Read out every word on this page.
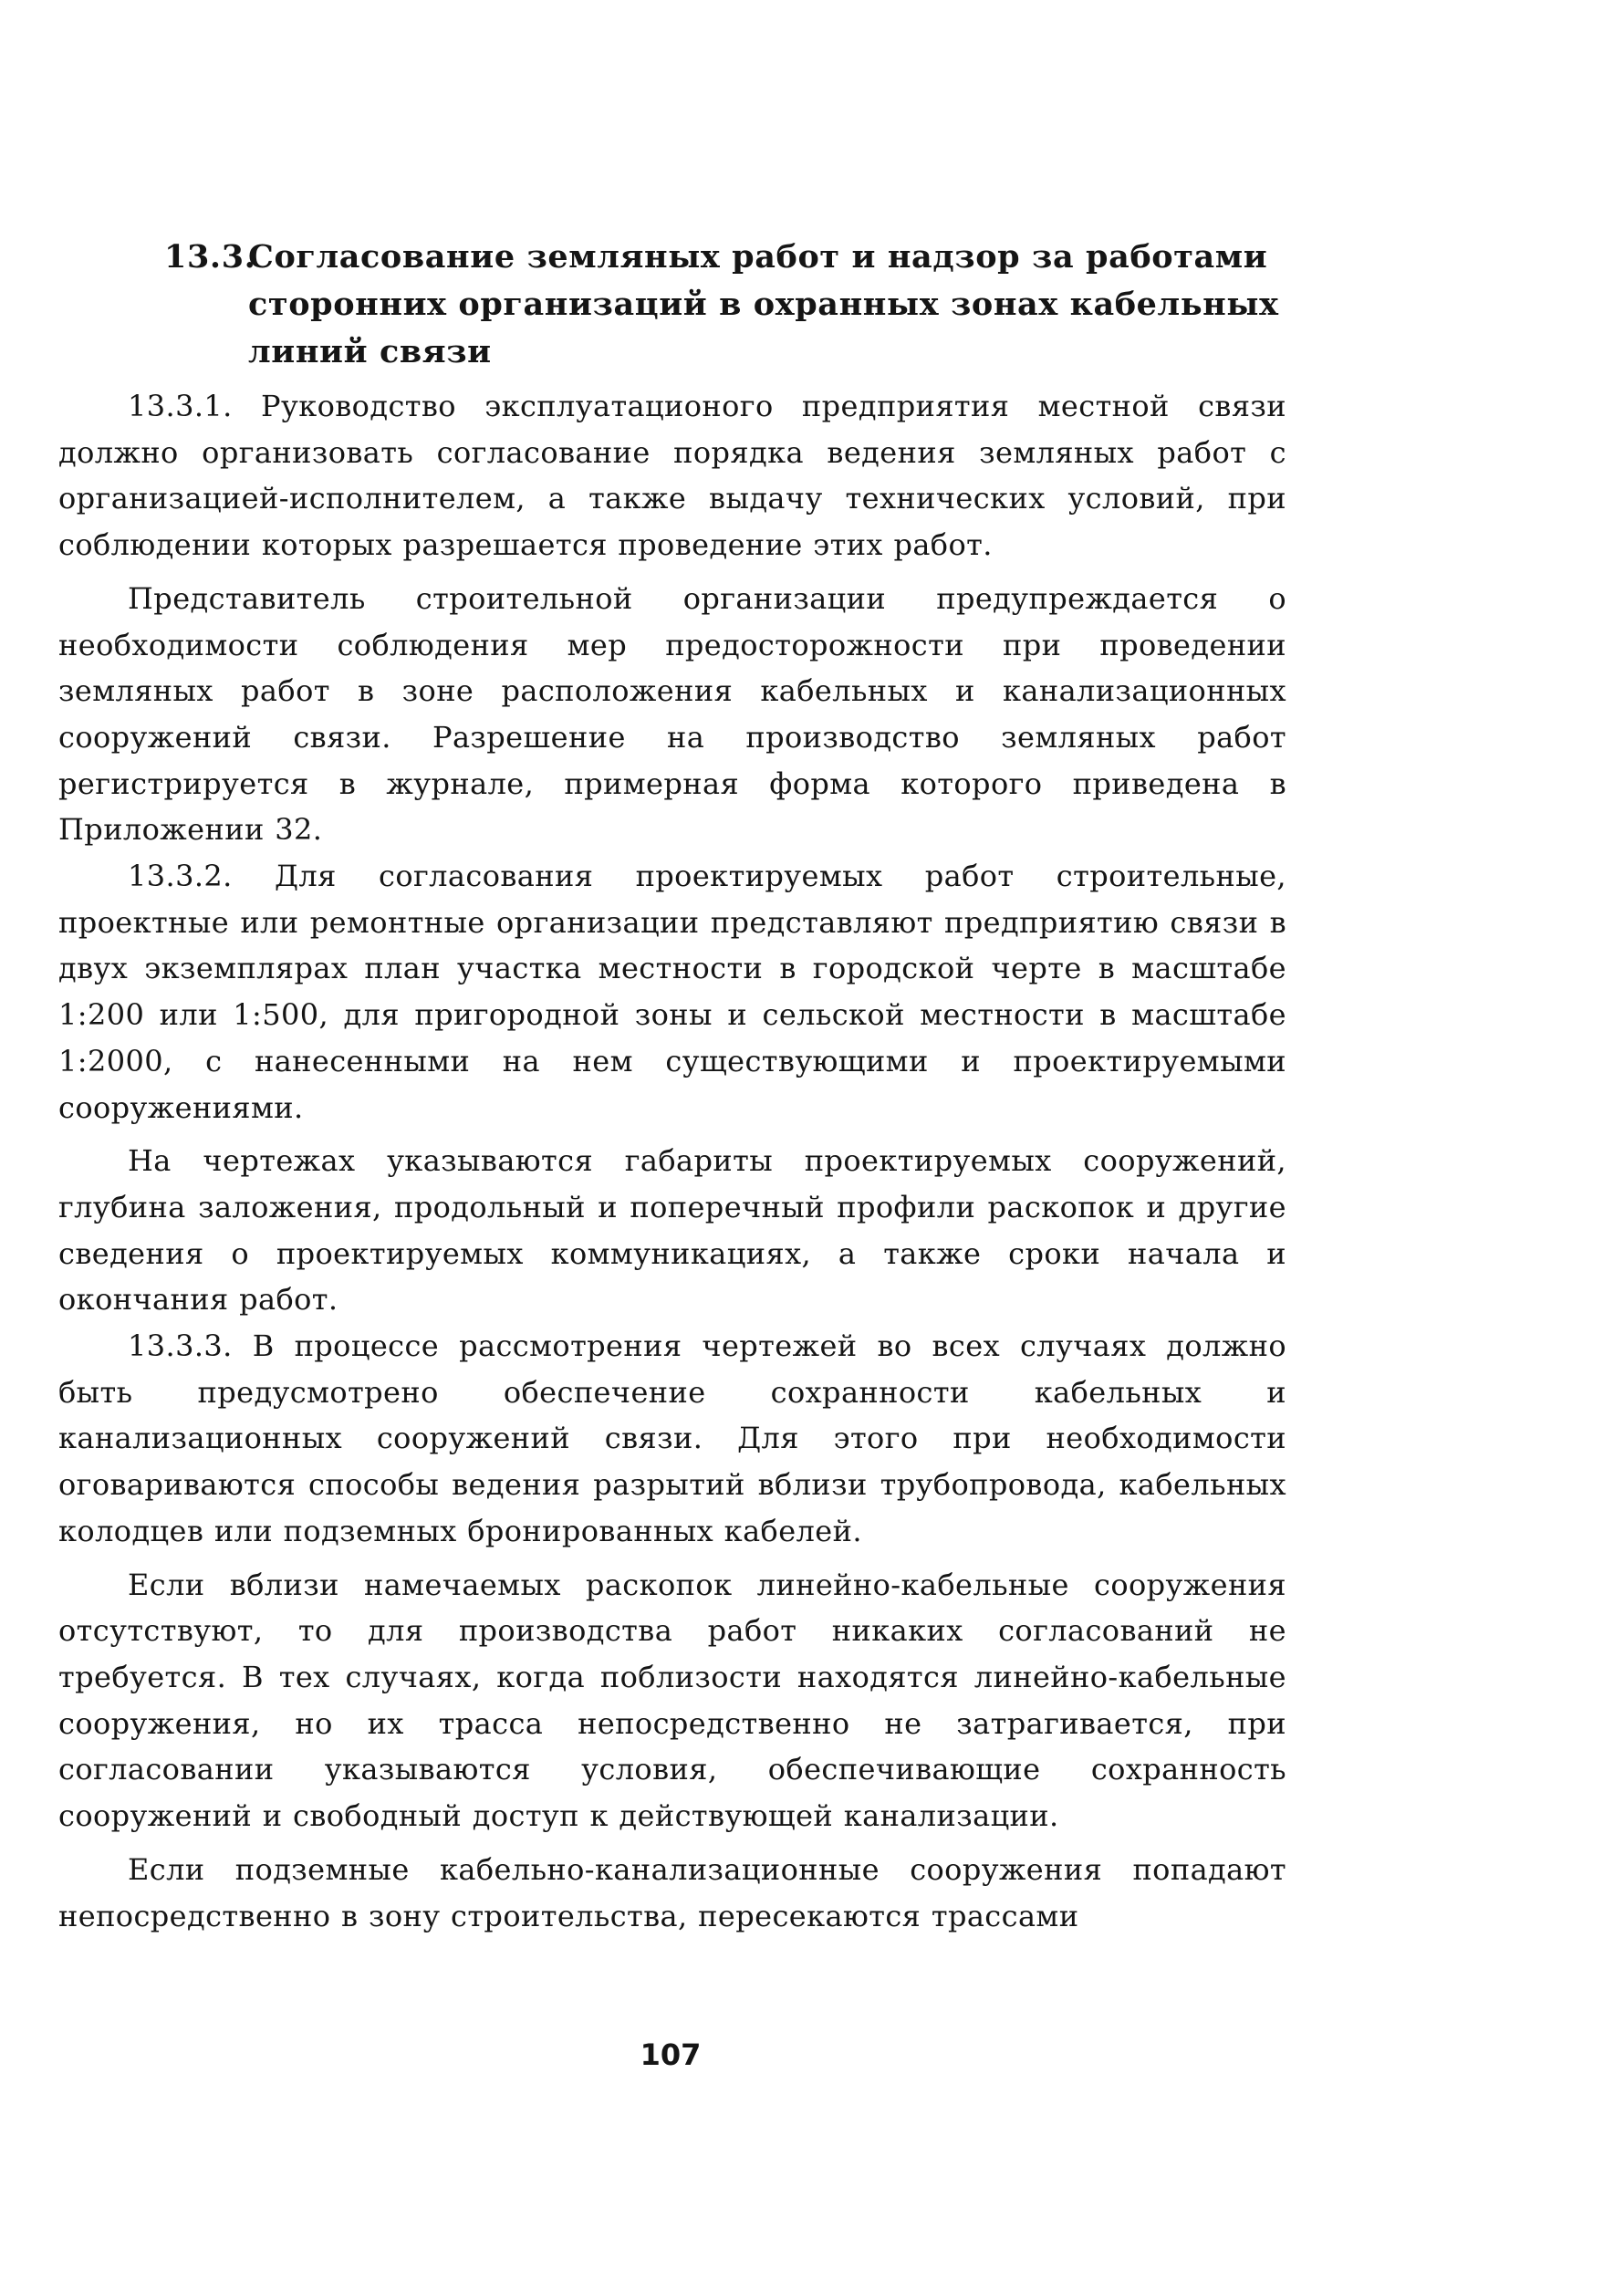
13.3.
Согласование земляных работ и надзор за работами
сторонних организаций в охранных зонах кабельных
линий связи

13.3.1. Руководство эксплуатационого предприятия местной связи должно организовать согласование порядка ведения земляных работ с организацией-исполнителем, а также выдачу технических условий, при соблюдении которых разрешается проведение этих работ.

Представитель строительной организации предупреждается о необходимости соблюдения мер предосторожности при проведении земляных работ в зоне расположения кабельных и канализационных сооружений связи. Разрешение на производство земляных работ регистрируется в журнале, примерная форма которого приведена в Приложении 32.

13.3.2. Для согласования проектируемых работ строительные, проектные или ремонтные организации представляют предприятию связи в двух экземплярах план участка местности в городской черте в масштабе 1:200 или 1:500, для пригородной зоны и сельской местности в масштабе 1:2000, с нанесенными на нем существующими и проектируемыми сооружениями.

На чертежах указываются габариты проектируемых сооружений, глубина заложения, продольный и поперечный профили раскопок и другие сведения о проектируемых коммуникациях, а также сроки начала и окончания работ.

13.3.3. В процессе рассмотрения чертежей во всех случаях должно быть предусмотрено обеспечение сохранности кабельных и канализационных сооружений связи. Для этого при необходимости оговариваются способы ведения разрытий вблизи трубопровода, кабельных колодцев или подземных бронированных кабелей.

Если вблизи намечаемых раскопок линейно-кабельные сооружения отсутствуют, то для производства работ никаких согласований не требуется. В тех случаях, когда поблизости находятся линейно-кабельные сооружения, но их трасса непосредственно не затрагивается, при согласовании указываются условия, обеспечивающие сохранность сооружений и свободный доступ к действующей канализации.

Если подземные кабельно-канализационные сооружения попадают непосредственно в зону строительства, пересекаются трассами

107
